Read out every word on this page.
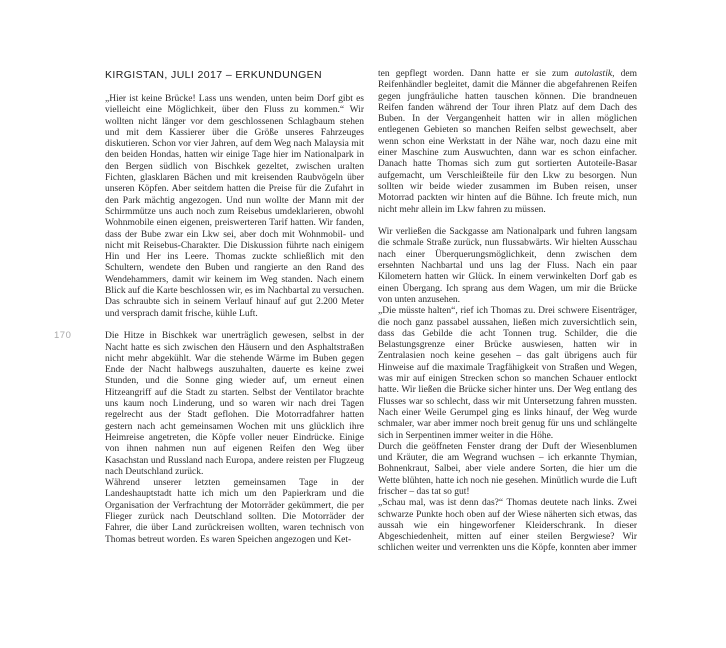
170
KIRGISTAN, JULI 2017 – ERKUNDUNGEN

„Hier ist keine Brücke! Lass uns wenden, unten beim Dorf gibt es vielleicht eine Möglichkeit, über den Fluss zu kommen.“ Wir wollten nicht länger vor dem geschlossenen Schlagbaum stehen und mit dem Kassierer über die Größe unseres Fahrzeuges diskutieren. Schon vor vier Jahren, auf dem Weg nach Malaysia mit den beiden Hondas, hatten wir einige Tage hier im Nationalpark in den Bergen südlich von Bischkek gezeltet, zwischen uralten Fichten, glasklaren Bächen und mit kreisenden Raubvögeln über unseren Köpfen. Aber seitdem hatten die Preise für die Zufahrt in den Park mächtig angezogen. Und nun wollte der Mann mit der Schirmmütze uns auch noch zum Reisebus umdeklarieren, obwohl Wohnmobile einen eigenen, preiswerteren Tarif hatten. Wir fanden, dass der Bube zwar ein Lkw sei, aber doch mit Wohnmobil- und nicht mit Reisebus-Charakter. Die Diskussion führte nach einigem Hin und Her ins Leere. Thomas zuckte schließlich mit den Schultern, wendete den Buben und rangierte an den Rand des Wendehammers, damit wir keinem im Weg standen. Nach einem Blick auf die Karte beschlossen wir, es im Nachbartal zu versuchen. Das schraubte sich in seinem Verlauf hinauf auf gut 2.200 Meter und versprach damit frische, kühle Luft.

Die Hitze in Bischkek war unerträglich gewesen, selbst in der Nacht hatte es sich zwischen den Häusern und den Asphaltstraßen nicht mehr abgekühlt. War die stehende Wärme im Buben gegen Ende der Nacht halbwegs auszuhalten, dauerte es keine zwei Stunden, und die Sonne ging wieder auf, um erneut einen Hitzeangriff auf die Stadt zu starten. Selbst der Ventilator brachte uns kaum noch Linderung, und so waren wir nach drei Tagen regelrecht aus der Stadt geflohen. Die Motorradfahrer hatten gestern nach acht gemeinsamen Wochen mit uns glücklich ihre Heimreise angetreten, die Köpfe voller neuer Eindrücke. Einige von ihnen nahmen nun auf eigenen Reifen den Weg über Kasachstan und Russland nach Europa, andere reisten per Flugzeug nach Deutschland zurück.

Während unserer letzten gemeinsamen Tage in der Landeshauptstadt hatte ich mich um den Papierkram und die Organisation der Verfrachtung der Motorräder gekümmert, die per Flieger zurück nach Deutschland sollten. Die Motorräder der Fahrer, die über Land zurückreisen wollten, waren technisch von Thomas betreut worden. Es waren Speichen angezogen und Ket-

ten gepflegt worden. Dann hatte er sie zum autolastik, dem Reifenhändler begleitet, damit die Männer die abgefahrenen Reifen gegen jungfräuliche hatten tauschen können. Die brandneuen Reifen fanden während der Tour ihren Platz auf dem Dach des Buben. In der Vergangenheit hatten wir in allen möglichen entlegenen Gebieten so manchen Reifen selbst gewechselt, aber wenn schon eine Werkstatt in der Nähe war, noch dazu eine mit einer Maschine zum Auswuchten, dann war es schon einfacher. Danach hatte Thomas sich zum gut sortierten Autoteile-Basar aufgemacht, um Verschleißteile für den Lkw zu besorgen. Nun sollten wir beide wieder zusammen im Buben reisen, unser Motorrad packten wir hinten auf die Bühne. Ich freute mich, nun nicht mehr allein im Lkw fahren zu müssen.

Wir verließen die Sackgasse am Nationalpark und fuhren langsam die schmale Straße zurück, nun flussabwärts. Wir hielten Ausschau nach einer Überquerungsmöglichkeit, denn zwischen dem ersehnten Nachbartal und uns lag der Fluss. Nach ein paar Kilometern hatten wir Glück. In einem verwinkelten Dorf gab es einen Übergang. Ich sprang aus dem Wagen, um mir die Brücke von unten anzusehen.

„Die müsste halten“, rief ich Thomas zu. Drei schwere Eisenträger, die noch ganz passabel aussahen, ließen mich zuversichtlich sein, dass das Gebilde die acht Tonnen trug. Schilder, die die Belastungsgrenze einer Brücke auswiesen, hatten wir in Zentralasien noch keine gesehen – das galt übrigens auch für Hinweise auf die maximale Tragfähigkeit von Straßen und Wegen, was mir auf einigen Strecken schon so manchen Schauer entlockt hatte. Wir ließen die Brücke sicher hinter uns. Der Weg entlang des Flusses war so schlecht, dass wir mit Untersetzung fahren mussten. Nach einer Weile Gerumpel ging es links hinauf, der Weg wurde schmaler, war aber immer noch breit genug für uns und schlängelte sich in Serpentinen immer weiter in die Höhe.

Durch die geöffneten Fenster drang der Duft der Wiesenblumen und Kräuter, die am Wegrand wuchsen – ich erkannte Thymian, Bohnenkraut, Salbei, aber viele andere Sorten, die hier um die Wette blühten, hatte ich noch nie gesehen. Minütlich wurde die Luft frischer – das tat so gut!

„Schau mal, was ist denn das?“ Thomas deutete nach links. Zwei schwarze Punkte hoch oben auf der Wiese näherten sich etwas, das aussah wie ein hingeworfener Kleiderschrank. In dieser Abgeschiedenheit, mitten auf einer steilen Bergwiese? Wir schlichen weiter und verrenkten uns die Köpfe, konnten aber immer
